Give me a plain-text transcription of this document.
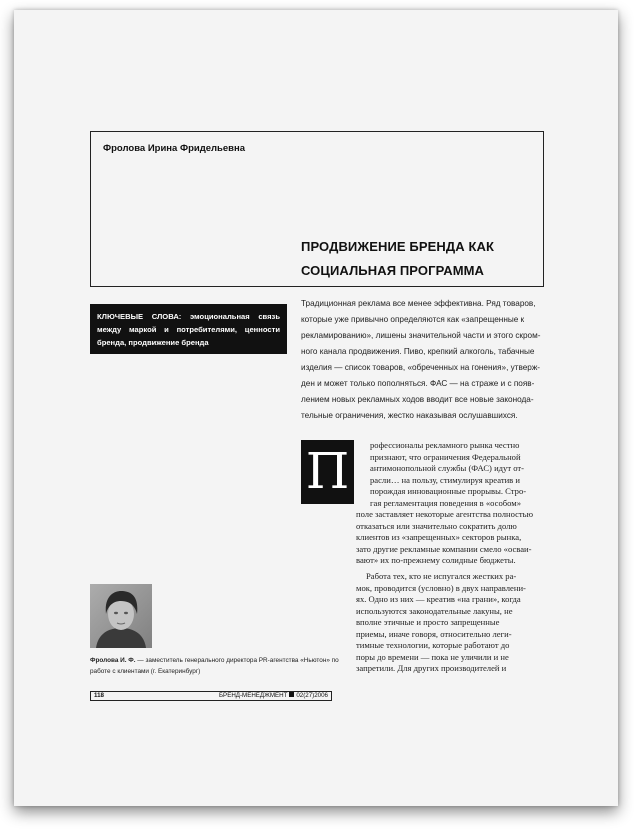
Фролова Ирина Фридельевна
ПРОДВИЖЕНИЕ БРЕНДА КАК
СОЦИАЛЬНАЯ ПРОГРАММА
КЛЮЧЕВЫЕ СЛОВА: эмоциональная связь между маркой и потребителями, ценности бренда, продвижение бренда
Традиционная реклама все менее эффективна. Ряд товаров,
которые уже привычно определяются как «запрещенные к
рекламированию», лишены значительной части и этого скром-
ного канала продвижения. Пиво, крепкий алкоголь, табачные
изделия — список товаров, «обреченных на гонения», утверж-
ден и может только пополняться. ФАС — на страже и с появ-
лением новых рекламных ходов вводит все новые законода-
тельные ограничения, жестко наказывая ослушавшихся.
П	рофессионалы рекламного рынка честно
признают, что ограничения Федеральной
антимонопольной службы (ФАС) идут от-
расли… на пользу, стимулируя креатив и
порождая инновационные прорывы. Стро-
гая регламентация поведения в «особом»
поле заставляет некоторые агентства полностью
отказаться или значительно сократить долю
клиентов из «запрещенных» секторов рынка,
зато другие рекламные компании смело «осваи-
вают» их по-прежнему солидные бюджеты.
Работа тех, кто не испугался жестких ра-
мок, проводится (условно) в двух направлени-
ях. Одно из них — креатив «на грани», когда
используются законодательные лакуны, не
вполне этичные и просто запрещенные
приемы, иначе говоря, относительно леги-
тимные технологии, которые работают до
поры до времени — пока не уличили и не
запретили. Для других производителей и
Фролова И. Ф. — заместитель генерального директора PR-агентства «Ньютон» по работе с клиентами (г. Екатеринбург)
118	БРЕНД-МЕНЕДЖМЕНТ 02(27)2006
